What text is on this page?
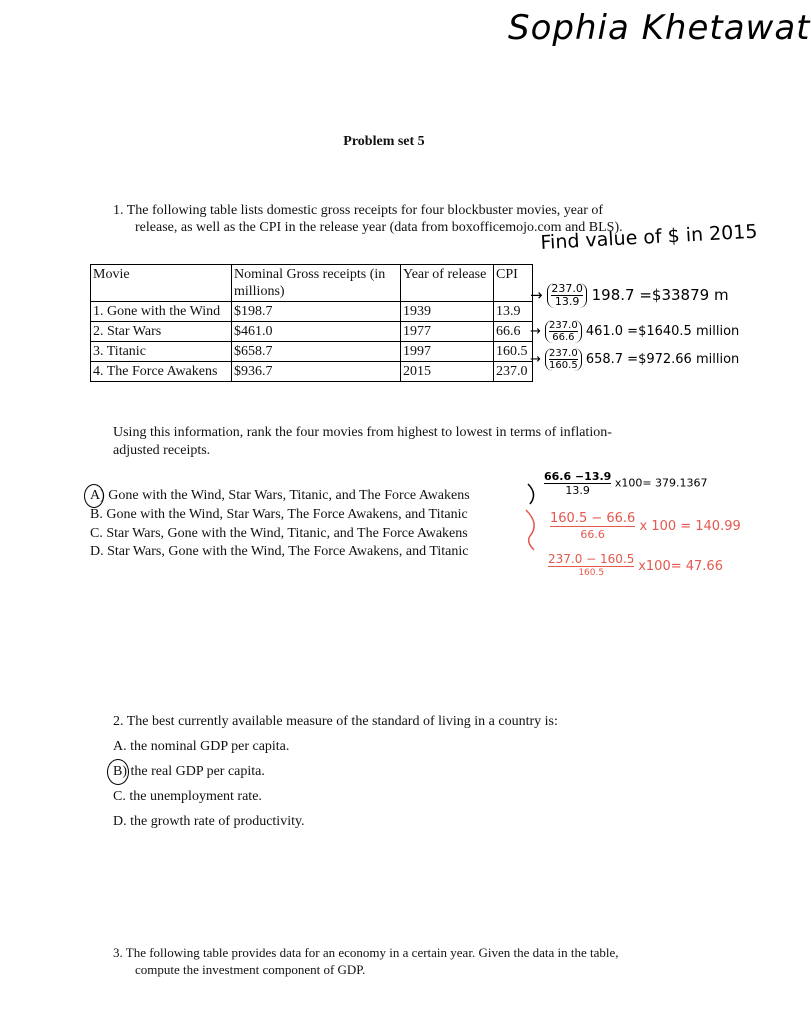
Sophia Khetawat
Problem set 5
1. The following table lists domestic gross receipts for four blockbuster movies, year of
release, as well as the CPI in the release year (data from boxofficemojo.com and BLS).
Find value of $ in 2015
Movie	Nominal Gross receipts (in millions)	Year of release	CPI
1. Gone with the Wind	$198.7	1939	13.9
2. Star Wars	$461.0	1977	66.6
3. Titanic	$658.7	1997	160.5
4. The Force Awakens	$936.7	2015	237.0
→ $\frac{237.0}{13.9} 198.7$ =$33879 m
→ $\frac{237.0}{66.6} 461.0$ =$1640.5 million
→ $\frac{237.0}{160.5} 658.7$ =$972.66 million
Using this information, rank the four movies from highest to lowest in terms of inflation-
adjusted receipts.
A) Gone with the Wind, Star Wars, Titanic, and The Force Awakens
B. Gone with the Wind, Star Wars, The Force Awakens, and Titanic
C. Star Wars, Gone with the Wind, Titanic, and The Force Awakens
D. Star Wars, Gone with the Wind, The Force Awakens, and Titanic
$\frac{66.6 -13.9}{13.9} x100= 379.1367$
160.5 − 66.6
66.6
x 100 = 140.99
237.0 − 160.5
160.5	x100= 47.66
2. The best currently available measure of the standard of living in a country is:
A. the nominal GDP per capita.
B) the real GDP per capita.
C. the unemployment rate.
D. the growth rate of productivity.
3. The following table provides data for an economy in a certain year. Given the data in the table,
compute the investment component of GDP.
